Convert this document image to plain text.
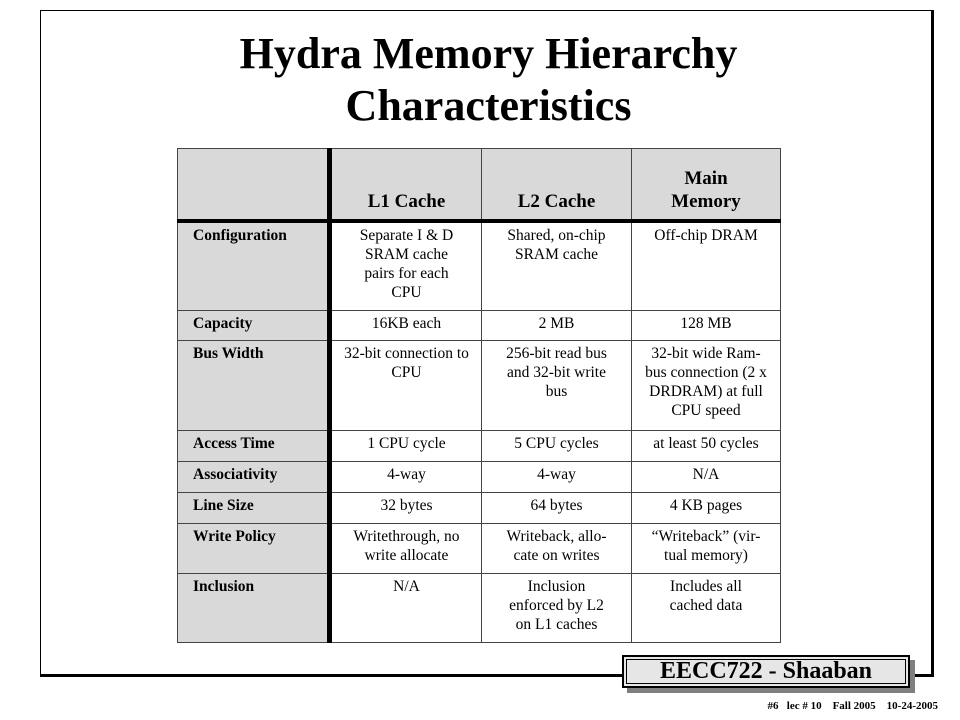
Hydra Memory Hierarchy
Characteristics
	L1 Cache	L2 Cache	Main Memory
Configuration	Separate I & D SRAM cache pairs for each CPU	Shared, on-chip SRAM cache	Off-chip DRAM
Capacity	16KB each	2 MB	128 MB
Bus Width	32-bit connection to CPU	256-bit read bus and 32-bit write bus	32-bit wide Ram-bus connection (2 x DRDRAM) at full CPU speed
Access Time	1 CPU cycle	5 CPU cycles	at least 50 cycles
Associativity	4-way	4-way	N/A
Line Size	32 bytes	64 bytes	4 KB pages
Write Policy	Writethrough, no write allocate	Writeback, allo-cate on writes	“Writeback” (vir-tual memory)
Inclusion	N/A	Inclusion enforced by L2 on L1 caches	Includes all cached data
EECC722 - Shaaban
#6   lec # 10    Fall 2005    10-24-2005
